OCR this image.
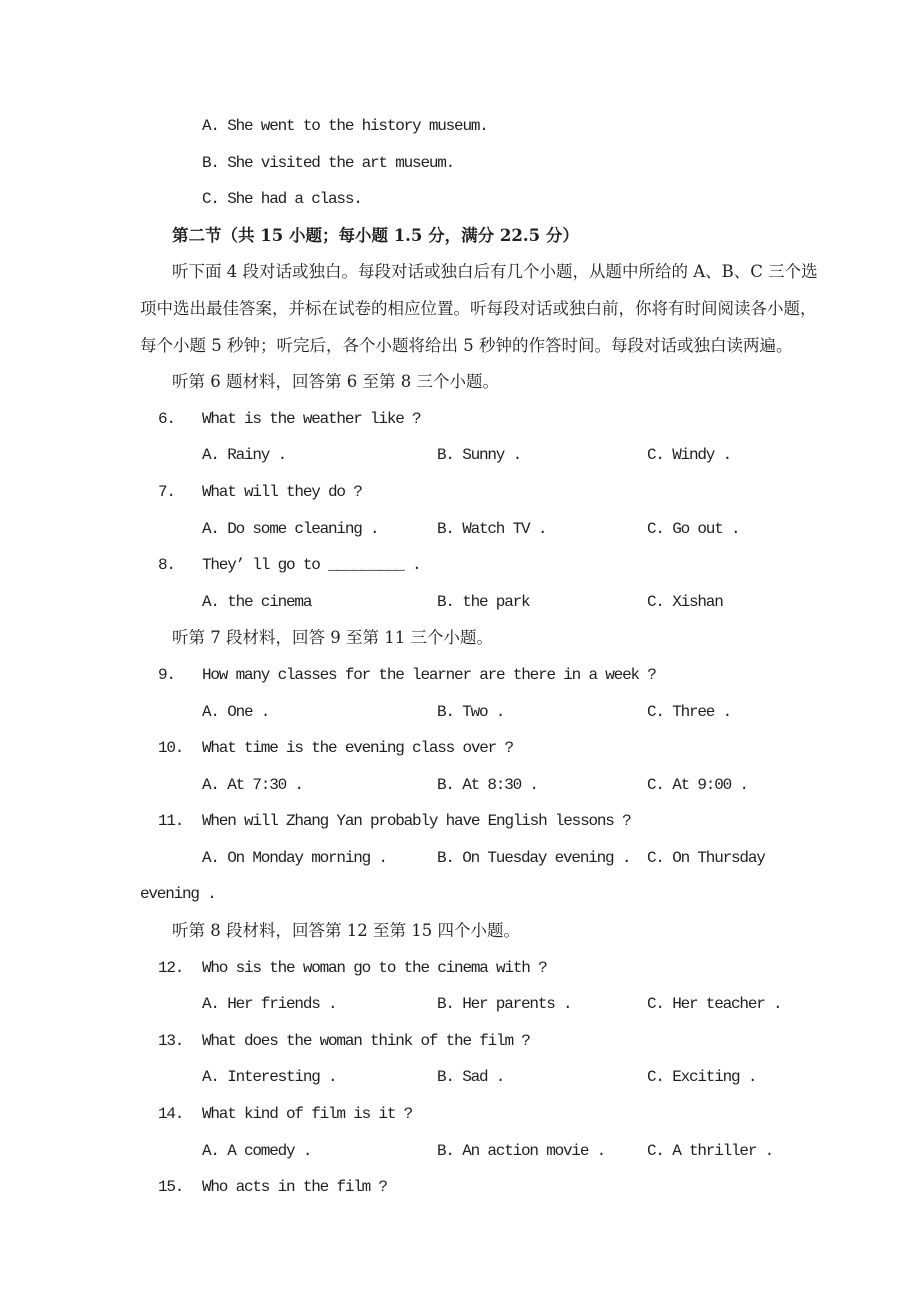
A. She went to the history museum.
B. She visited the art museum.
C. She had a class.
第二节（共 15 小题；每小题 1.5 分，满分 22.5 分）
听下面 4 段对话或独白。每段对话或独白后有几个小题，从题中所给的 A、B、C 三个选
项中选出最佳答案，并标在试卷的相应位置。听每段对话或独白前，你将有时间阅读各小题，
每个小题 5 秒钟；听完后，各个小题将给出 5 秒钟的作答时间。每段对话或独白读两遍。
听第 6 题材料，回答第 6 至第 8 三个小题。
6.	What is the weather like ?
A. Rainy .	B. Sunny .	C. Windy .
7.	What will they do ?
A. Do some cleaning .	B. Watch TV .	C. Go out .
8.	They’ ll go to _________ .
A. the cinema	B. the park	C. Xishan
听第 7 段材料，回答 9 至第 11 三个小题。
9.	How many classes for the learner are there in a week ?
A. One .	B. Two .	C. Three .
10.	What time is the evening class over ?
A. At 7:30 .	B. At 8:30 .	C. At 9:00 .
11.	When will Zhang Yan probably have English lessons ?
A. On Monday morning .	B. On Tuesday evening .	C. On Thursday
evening .
听第 8 段材料，回答第 12 至第 15 四个小题。
12.	Who sis the woman go to the cinema with ?
A. Her friends .	B. Her parents .	C. Her teacher .
13.	What does the woman think of the film ?
A. Interesting .	B. Sad .	C. Exciting .
14.	What kind of film is it ?
A. A comedy .	B. An action movie .	C. A thriller .
15.	Who acts in the film ?
